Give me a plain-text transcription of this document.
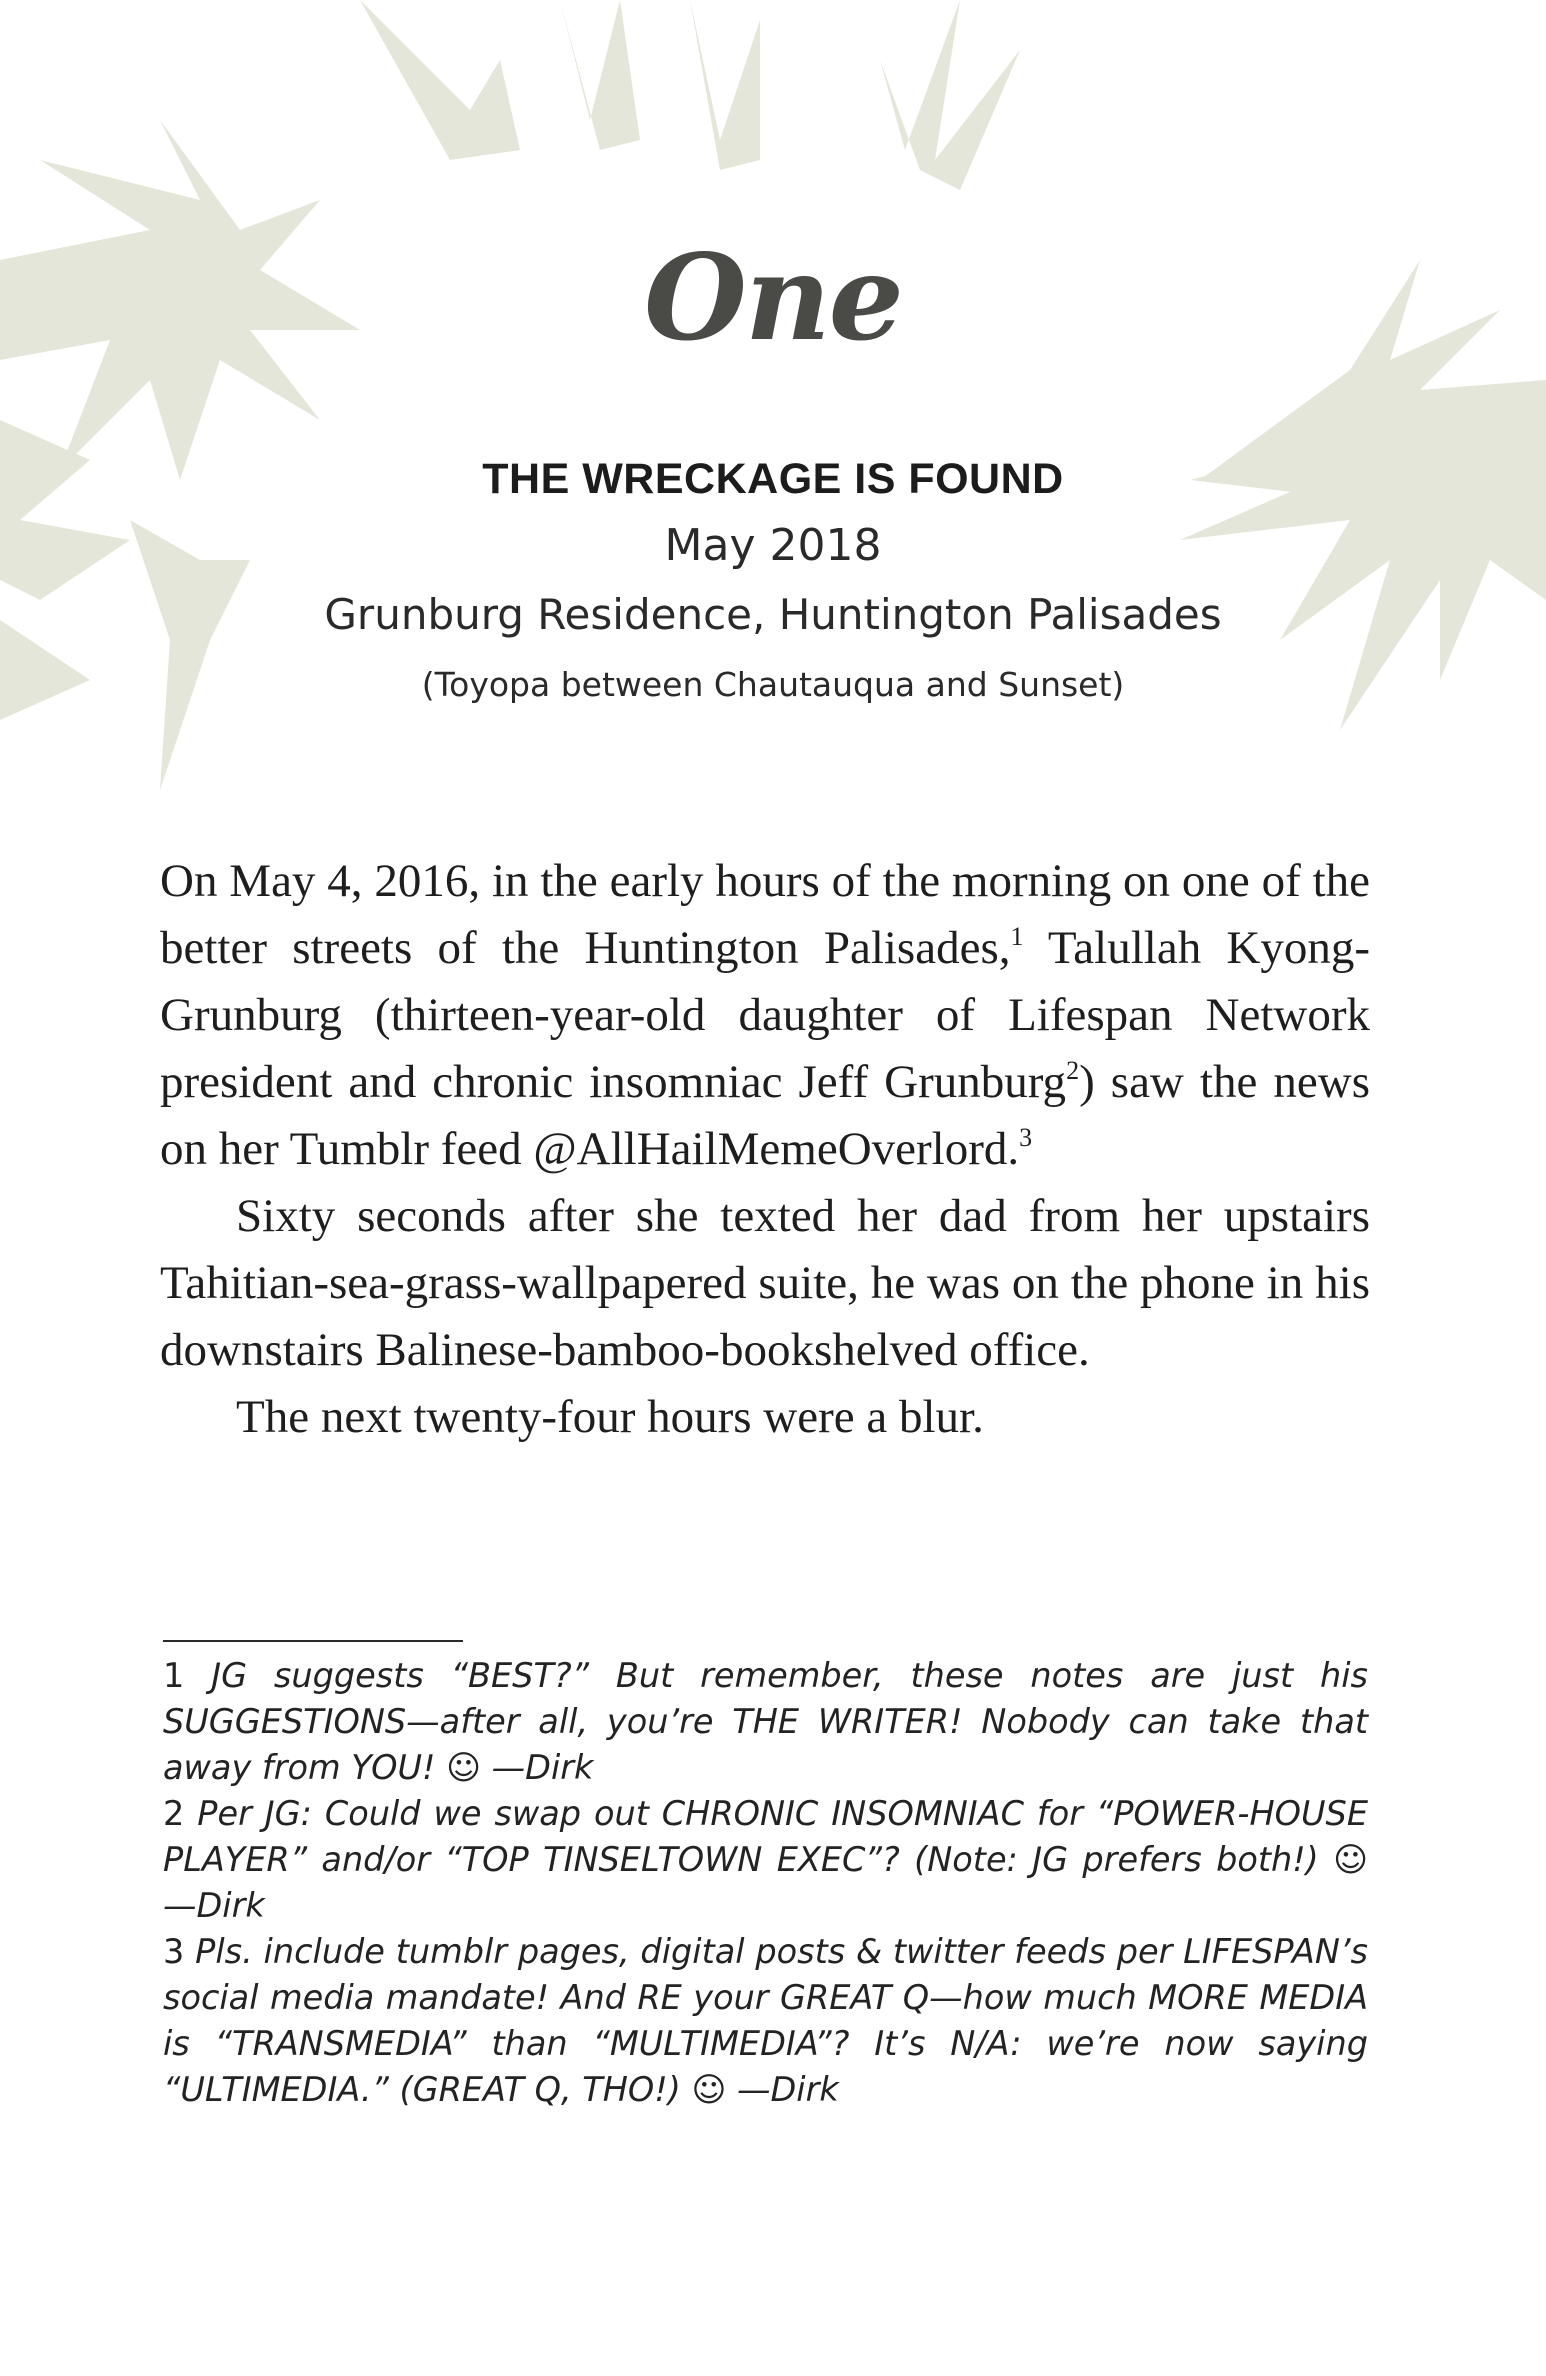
One
THE WRECKAGE IS FOUND
May 2018
Grunburg Residence, Huntington Palisades
(Toyopa between Chautauqua and Sunset)

On May 4, 2016, in the early hours of the morning on one of the better streets of the Huntington Palisades,$^1$ Talullah Kyong-Grunburg (thirteen-year-old daughter of Lifespan Network president and chronic insomniac Jeff Grunburg$^2$) saw the news on her Tumblr feed @AllHailMemeOverlord.$^3$

Sixty seconds after she texted her dad from her upstairs Tahitian-sea-grass-wallpapered suite, he was on the phone in his downstairs Balinese-bamboo-bookshelved office.

The next twenty-four hours were a blur.

1 JG suggests “BEST?” But remember, these notes are just his SUGGESTIONS—after all, you’re THE WRITER! Nobody can take that away from YOU! ☺ —Dirk

2 Per JG: Could we swap out CHRONIC INSOMNIAC for “POWER-HOUSE PLAYER” and/or “TOP TINSELTOWN EXEC”? (Note: JG prefers both!) ☺ —Dirk

3 Pls. include tumblr pages, digital posts & twitter feeds per LIFESPAN’s social media mandate! And RE your GREAT Q—how much MORE MEDIA is “TRANSMEDIA” than “MULTIMEDIA”? It’s N/A: we’re now saying “ULTIMEDIA.” (GREAT Q, THO!) ☺ —Dirk
